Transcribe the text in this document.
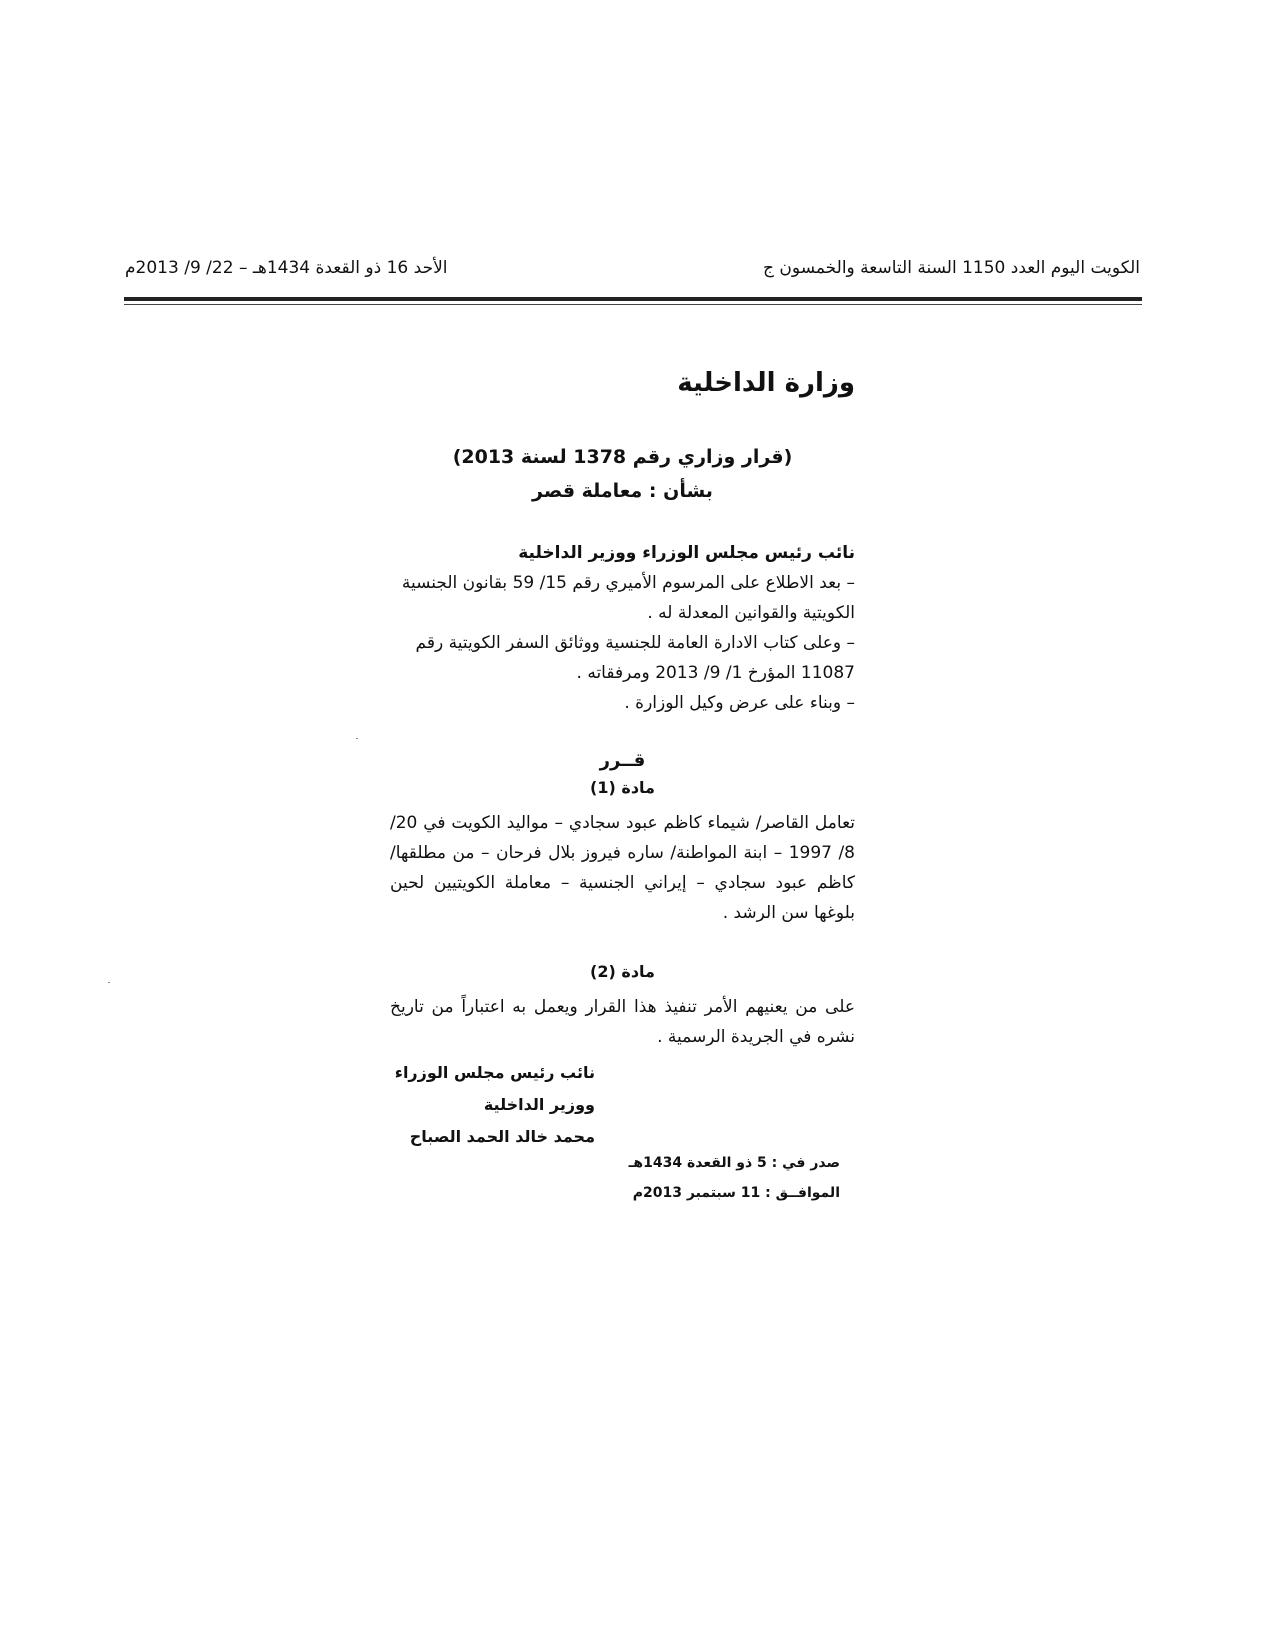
الكويت اليوم العدد 1150 السنة التاسعة والخمسون ج
الأحد 16 ذو القعدة 1434هـ – 22/ 9/ 2013م
وزارة الداخلية
(قرار وزاري رقم 1378 لسنة 2013)
بشأن : معاملة قصر
نائب رئيس مجلس الوزراء ووزير الداخلية
– بعد الاطلاع على المرسوم الأميري رقم 15/ 59 بقانون الجنسية الكويتية والقوانين المعدلة له .
– وعلى كتاب الادارة العامة للجنسية ووثائق السفر الكويتية رقم 11087 المؤرخ 1/ 9/ 2013 ومرفقاته .
– وبناء على عرض وكيل الوزارة .
قــرر
مادة (1)
تعامل القاصر/ شيماء كاظم عبود سجادي – مواليد الكويت في 20/ 8/ 1997 – ابنة المواطنة/ ساره فيروز بلال فرحان – من مطلقها/ كاظم عبود سجادي – إيراني الجنسية – معاملة الكويتيين لحين بلوغها سن الرشد .
مادة (2)
على من يعنيهم الأمر تنفيذ هذا القرار ويعمل به اعتباراً من تاريخ نشره في الجريدة الرسمية .
نائب رئيس مجلس الوزراء
ووزير الداخلية
محمد خالد الحمد الصباح
صدر في : 5 ذو القعدة 1434هـ
الموافــق : 11 سبتمبر 2013م
